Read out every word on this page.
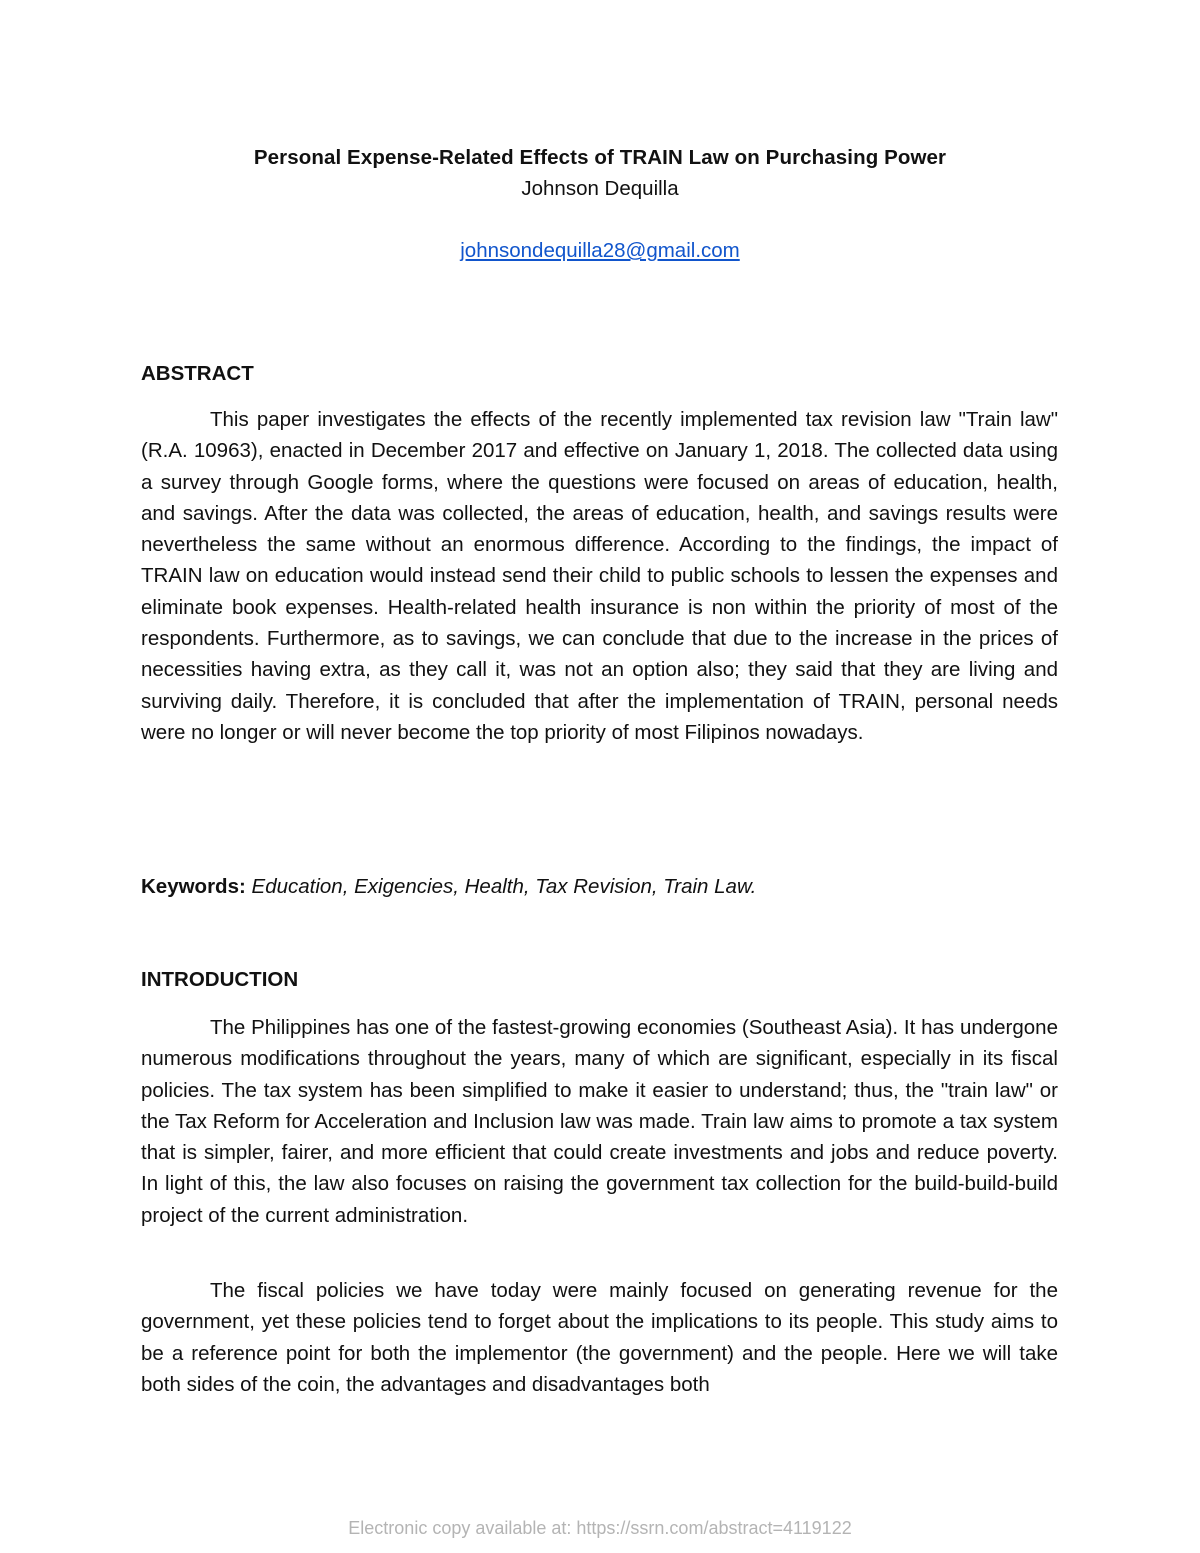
Personal Expense-Related Effects of TRAIN Law on Purchasing Power
Johnson Dequilla
johnsondequilla28@gmail.com
ABSTRACT

This paper investigates the effects of the recently implemented tax revision law "Train law" (R.A. 10963), enacted in December 2017 and effective on January 1, 2018. The collected data using a survey through Google forms, where the questions were focused on areas of education, health, and savings. After the data was collected, the areas of education, health, and savings results were nevertheless the same without an enormous difference. According to the findings, the impact of TRAIN law on education would instead send their child to public schools to lessen the expenses and eliminate book expenses. Health-related health insurance is non within the priority of most of the respondents. Furthermore, as to savings, we can conclude that due to the increase in the prices of necessities having extra, as they call it, was not an option also; they said that they are living and surviving daily. Therefore, it is concluded that after the implementation of TRAIN, personal needs were no longer or will never become the top priority of most Filipinos nowadays.

Keywords: Education, Exigencies, Health, Tax Revision, Train Law.
INTRODUCTION

The Philippines has one of the fastest-growing economies (Southeast Asia). It has undergone numerous modifications throughout the years, many of which are significant, especially in its fiscal policies. The tax system has been simplified to make it easier to understand; thus, the "train law" or the Tax Reform for Acceleration and Inclusion law was made. Train law aims to promote a tax system that is simpler, fairer, and more efficient that could create investments and jobs and reduce poverty. In light of this, the law also focuses on raising the government tax collection for the build-build-build project of the current administration.

The fiscal policies we have today were mainly focused on generating revenue for the government, yet these policies tend to forget about the implications to its people. This study aims to be a reference point for both the implementor (the government) and the people. Here we will take both sides of the coin, the advantages and disadvantages both

Electronic copy available at: https://ssrn.com/abstract=4119122
